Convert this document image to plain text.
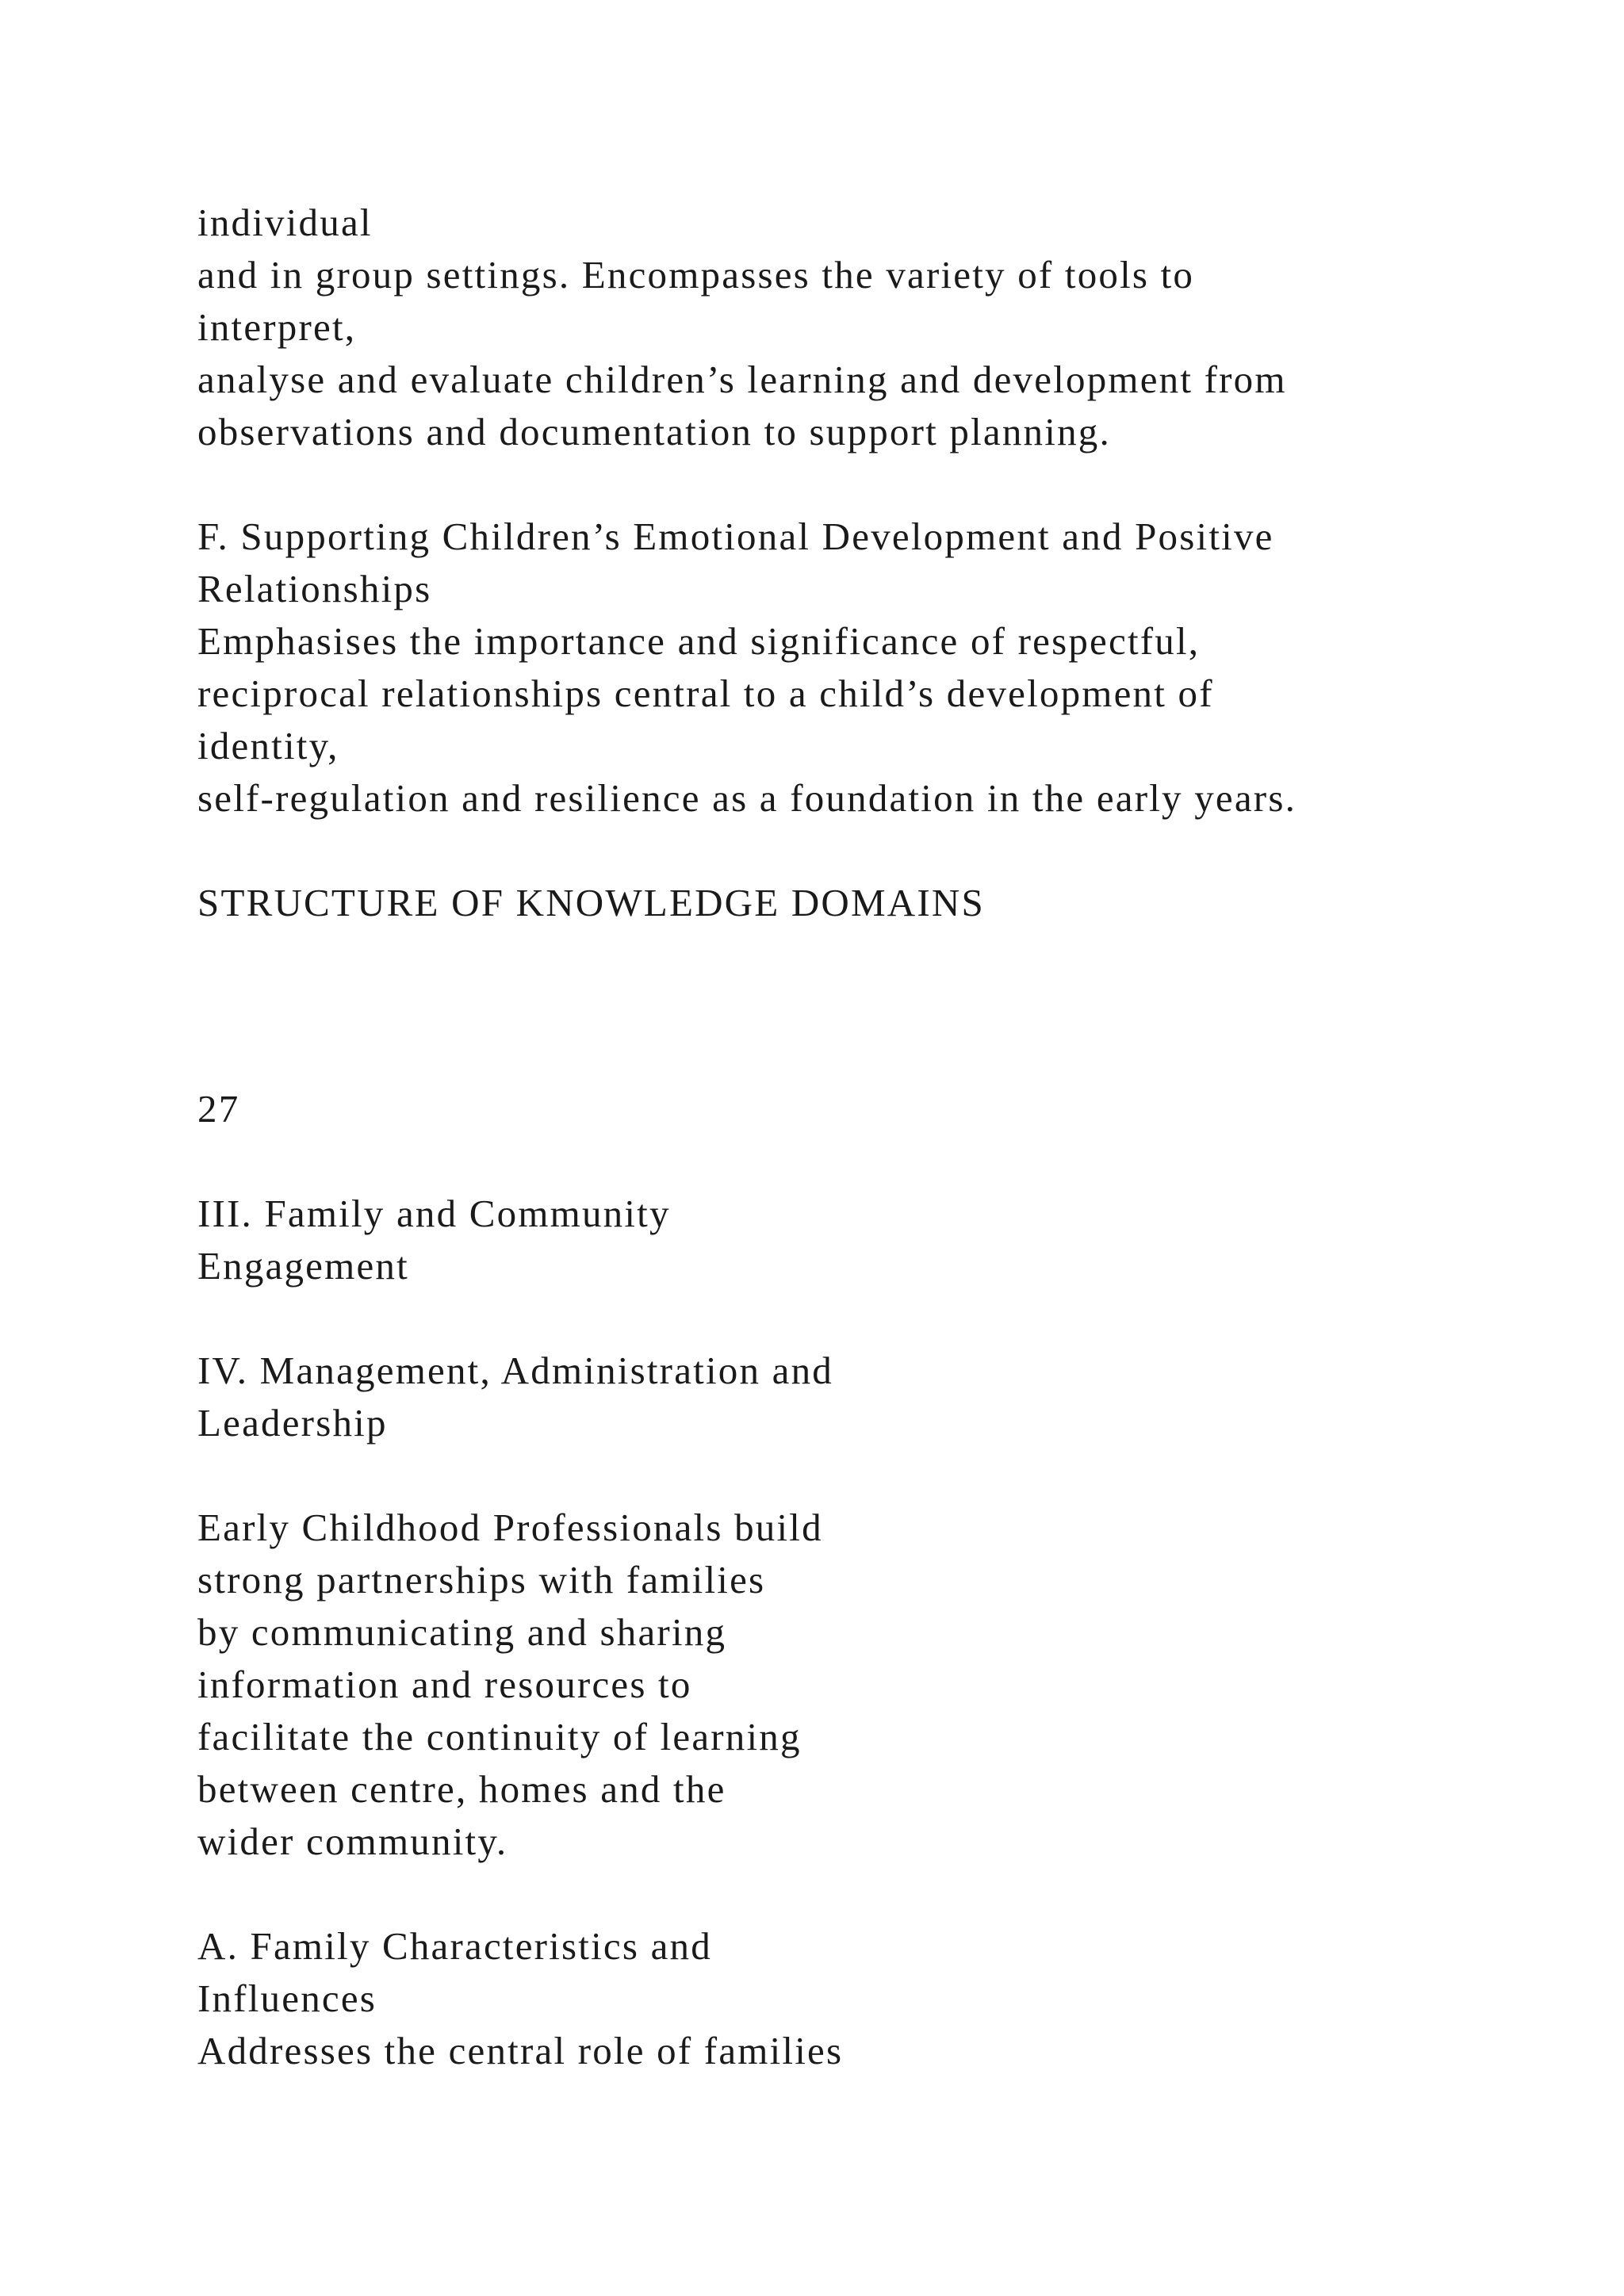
individual
and in group settings. Encompasses the variety of tools to
interpret,
analyse and evaluate children’s learning and development from
observations and documentation to support planning.
F. Supporting Children’s Emotional Development and Positive
Relationships
Emphasises the importance and significance of respectful,
reciprocal relationships central to a child’s development of
identity,
self-regulation and resilience as a foundation in the early years.
STRUCTURE OF KNOWLEDGE DOMAINS
27
III. Family and Community
Engagement
IV. Management, Administration and
Leadership
Early Childhood Professionals build
strong partnerships with families
by communicating and sharing
information and resources to
facilitate the continuity of learning
between centre, homes and the
wider community.
A. Family Characteristics and
Influences
Addresses the central role of families
